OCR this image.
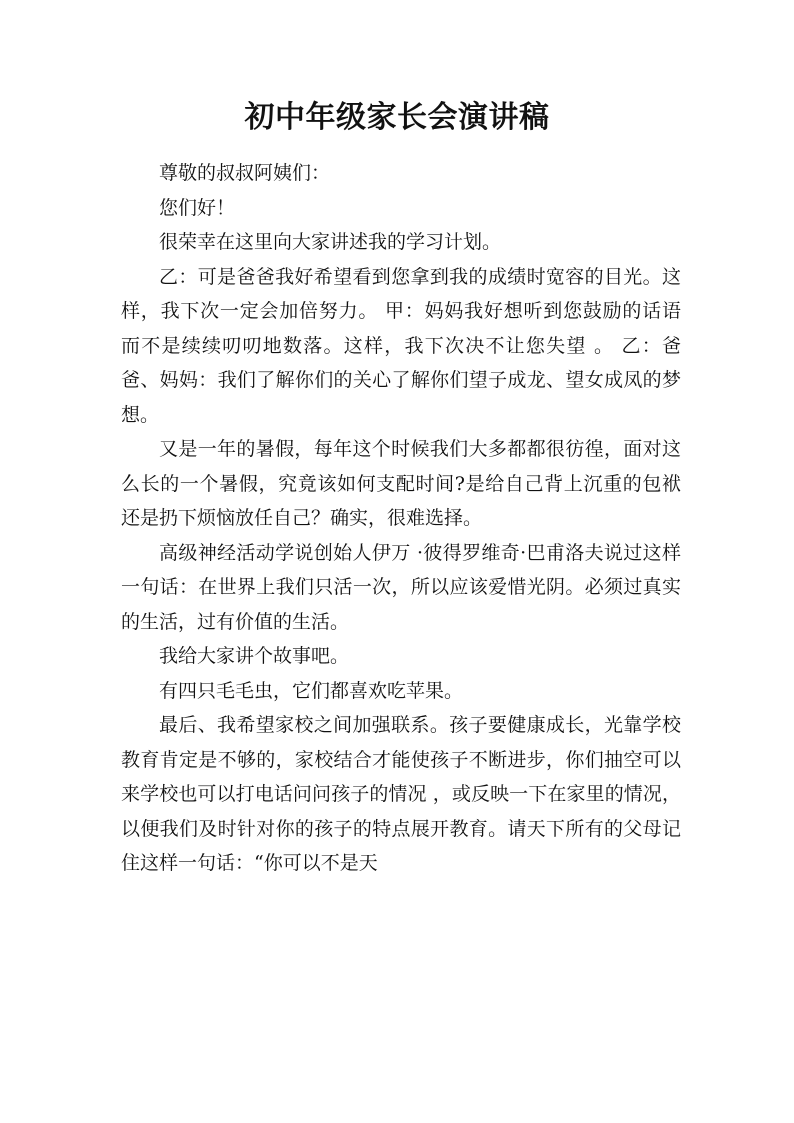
初中年级家长会演讲稿

尊敬的叔叔阿姨们：

您们好！

很荣幸在这里向大家讲述我的学习计划。

乙：可是爸爸我好希望看到您拿到我的成绩时宽容的目光。这样，我下次一定会加倍努力。 甲：妈妈我好想听到您鼓励的话语 而不是续续叨叨地数落。这样，我下次决不让您失望 。 乙：爸爸、妈妈：我们了解你们的关心了解你们望子成龙、望女成凤的梦想。

又是一年的暑假，每年这个时候我们大多都都很彷徨，面对这么长的一个暑假，究竟该如何支配时间?是给自己背上沉重的包袱还是扔下烦恼放任自己？确实，很难选择。

高级神经活动学说创始人伊万 ·彼得罗维奇·巴甫洛夫说过这样一句话：在世界上我们只活一次，所以应该爱惜光阴。必须过真实的生活，过有价值的生活。

我给大家讲个故事吧。

有四只毛毛虫，它们都喜欢吃苹果。

最后、我希望家校之间加强联系。孩子要健康成长，光靠学校教育肯定是不够的，家校结合才能使孩子不断进步，你们抽空可以来学校也可以打电话问问孩子的情况 ，或反映一下在家里的情况，以便我们及时针对你的孩子的特点展开教育。请天下所有的父母记住这样一句话：“你可以不是天
